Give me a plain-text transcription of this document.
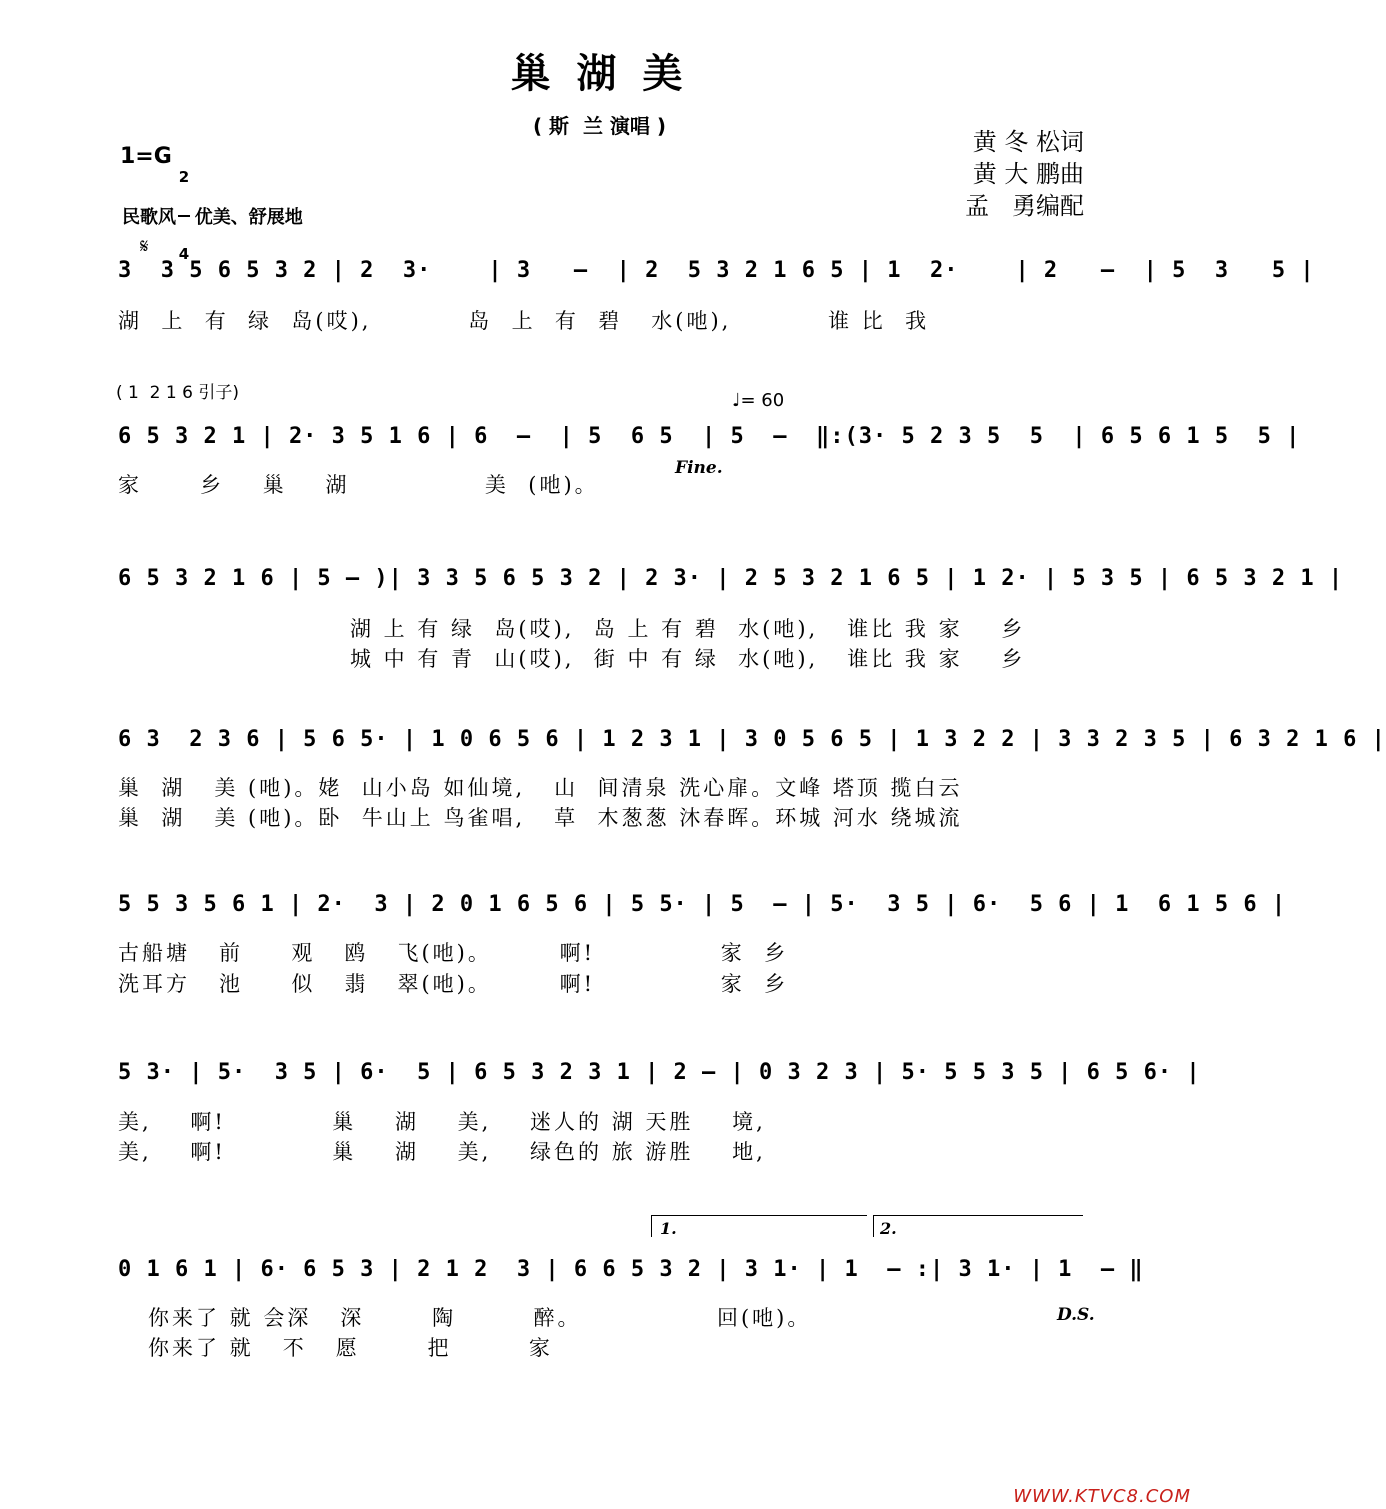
巢 湖 美
( 斯  兰 演唱 )
黄 冬 松词
黄 大 鹏曲
孟   勇编配
1=G

2

4

民歌风   优美、舒展地
𝄋
( 1  2 1 6 引子)
Fine.
♩= 60
D.S.
3  3 5 6 5 3 2 | 2  3·    | 3   –  | 2  5 3 2 1 6 5 | 1  2·    | 2   –  | 5  3   5 |
湖  上  有  绿  岛(哎),          岛  上  有  碧   水(吔),          谁 比  我
6 5 3 2 1 | 2· 3 5 1 6 | 6  –  | 5  6 5  | 5  –  ‖:(3· 5 2 3 5  5  | 6 5 6 1 5  5 |
家      乡    巢    湖              美  (吔)。
6 5 3 2 1 6 | 5 – )| 3 3 5 6 5 3 2 | 2 3· | 2 5 3 2 1 6 5 | 1 2· | 5 3 5 | 6 5 3 2 1 |
湖 上 有 绿  岛(哎),  岛 上 有 碧  水(吔),   谁比 我 家    乡
城 中 有 青  山(哎),  街 中 有 绿  水(吔),   谁比 我 家    乡
6 3  2 3 6 | 5 6 5· | 1 0 6 5 6 | 1 2 3 1 | 3 0 5 6 5 | 1 3 2 2 | 3 3 2 3 5 | 6 3 2 1 6 |
巢  湖   美 (吔)。姥  山小岛 如仙境,   山  间清泉 洗心扉。文峰 塔顶 揽白云
巢  湖   美 (吔)。卧  牛山上 鸟雀唱,   草  木葱葱 沐春晖。环城 河水 绕城流
5 5 3 5 6 1 | 2·  3 | 2 0 1 6 5 6 | 5 5· | 5  – | 5·  3 5 | 6·  5 6 | 1  6 1 5 6 |
古船塘   前     观   鸥   飞(吔)。       啊!             家  乡
洗耳方   池     似   翡   翠(吔)。       啊!             家  乡
5 3· | 5·  3 5 | 6·  5 | 6 5 3 2 3 1 | 2 – | 0 3 2 3 | 5· 5 5 3 5 | 6 5 6· |
美,    啊!           巢    湖    美,    迷人的 湖 天胜    境,
美,    啊!           巢    湖    美,    绿色的 旅 游胜    地,
1.	2.
0 1 6 1 | 6· 6 5 3 | 2 1 2  3 | 6 6 5 3 2 | 3 1· | 1  – :| 3 1· | 1  – ‖
你来了 就 会深   深       陶        醉。              回(吔)。
你来了 就   不   愿       把        家
WWW.KTVC8.COM
